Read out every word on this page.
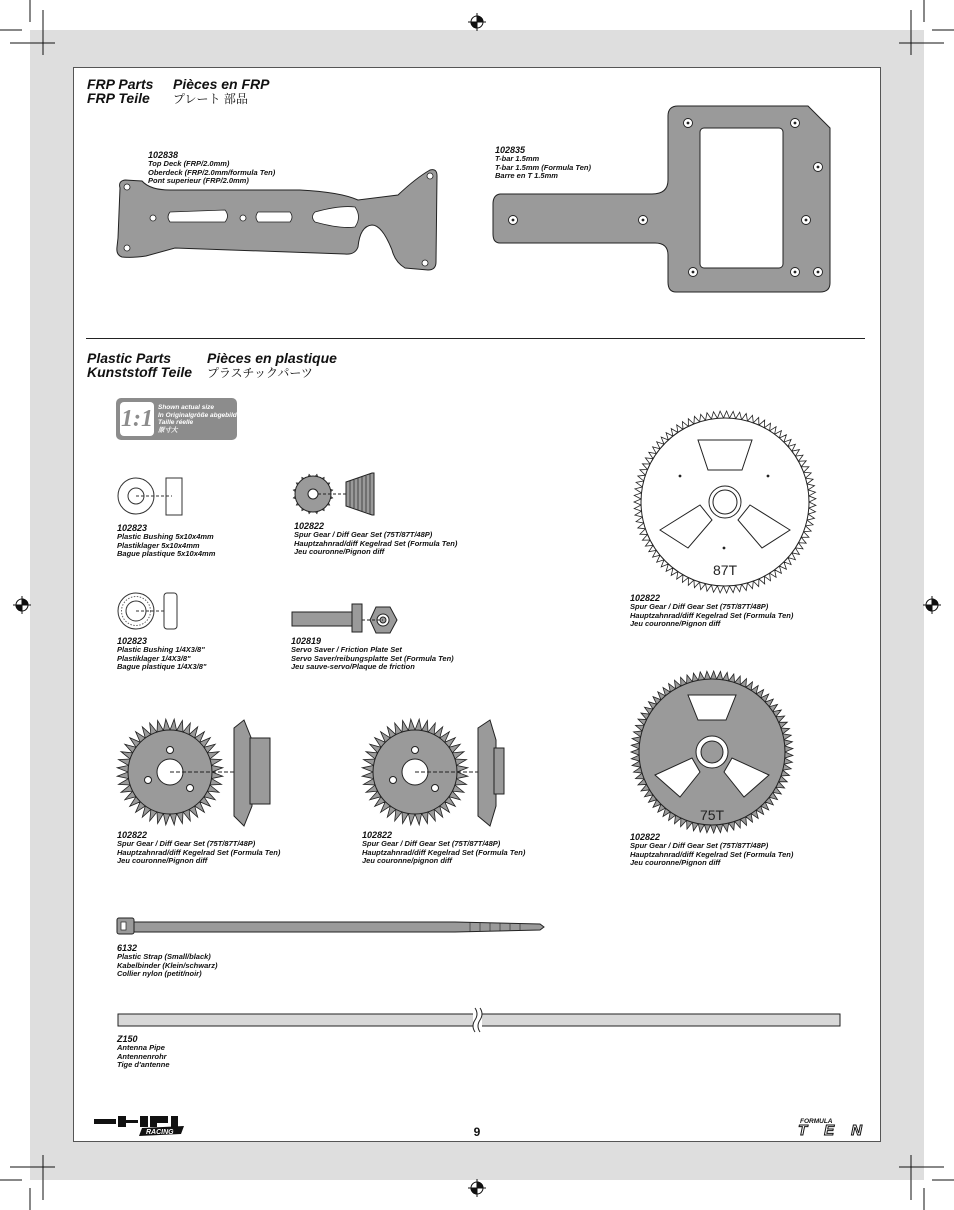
FRP Parts
FRP Teile
Pièces en FRP
プレート 部品
Plastic Parts
Kunststoff Teile
Pièces en plastique
プラスチックパーツ
1:1 Shown actual size
In Originalgröße abgebildet
Taille réelle
原寸大
87T
75T
102838
Top Deck (FRP/2.0mm)
Oberdeck (FRP/2.0mm/formula Ten)
Pont superieur (FRP/2.0mm)
102835
T-bar 1.5mm
T-bar 1.5mm (Formula Ten)
Barre en T 1.5mm
102823
Plastic Bushing 5x10x4mm
Plastiklager 5x10x4mm
Bague plastique 5x10x4mm
102822
Spur Gear / Diff Gear Set (75T/87T/48P)
Hauptzahnrad/diff Kegelrad Set (Formula Ten)
Jeu couronne/Pignon diff
102822
Spur Gear / Diff Gear Set (75T/87T/48P)
Hauptzahnrad/diff Kegelrad Set (Formula Ten)
Jeu couronne/Pignon diff
102823
Plastic Bushing 1/4X3/8"
Plastiklager 1/4X3/8"
Bague plastique 1/4X3/8"
102819
Servo Saver / Friction Plate Set
Servo Saver/reibungsplatte Set (Formula Ten)
Jeu sauve-servo/Plaque de friction
102822
Spur Gear / Diff Gear Set (75T/87T/48P)
Hauptzahnrad/diff Kegelrad Set (Formula Ten)
Jeu couronne/Pignon diff
102822
Spur Gear / Diff Gear Set (75T/87T/48P)
Hauptzahnrad/diff Kegelrad Set (Formula Ten)
Jeu couronne/pignon diff
102822
Spur Gear / Diff Gear Set (75T/87T/48P)
Hauptzahnrad/diff Kegelrad Set (Formula Ten)
Jeu couronne/Pignon diff
6132
Plastic Strap (Small/black)
Kabelbinder (Klein/schwarz)
Collier nylon (petit/noir)
Z150
Antenna Pipe
Antennenrohr
Tige d'antenne
9
RACING
FORMULA
TEN
